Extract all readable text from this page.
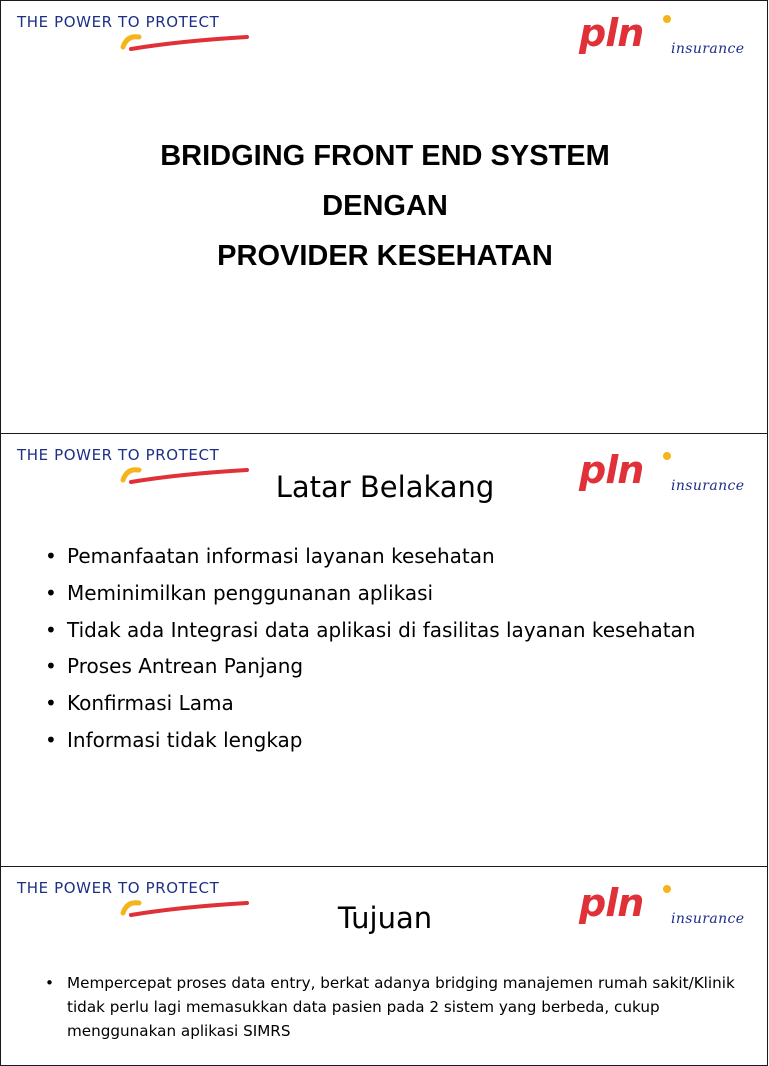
THE POWER TO PROTECT	pln insurance
BRIDGING FRONT END SYSTEM
DENGAN
PROVIDER KESEHATAN
THE POWER TO PROTECT	pln insurance
Latar Belakang
• Pemanfaatan informasi layanan kesehatan
• Meminimilkan penggunanan aplikasi
• Tidak ada Integrasi data aplikasi di fasilitas layanan kesehatan
• Proses Antrean Panjang
• Konfirmasi Lama
• Informasi tidak lengkap
THE POWER TO PROTECT	pln insurance
Tujuan
• Mempercepat proses data entry, berkat adanya bridging manajemen rumah sakit/Klinik tidak perlu lagi memasukkan data pasien pada 2 sistem yang berbeda, cukup menggunakan aplikasi SIMRS
